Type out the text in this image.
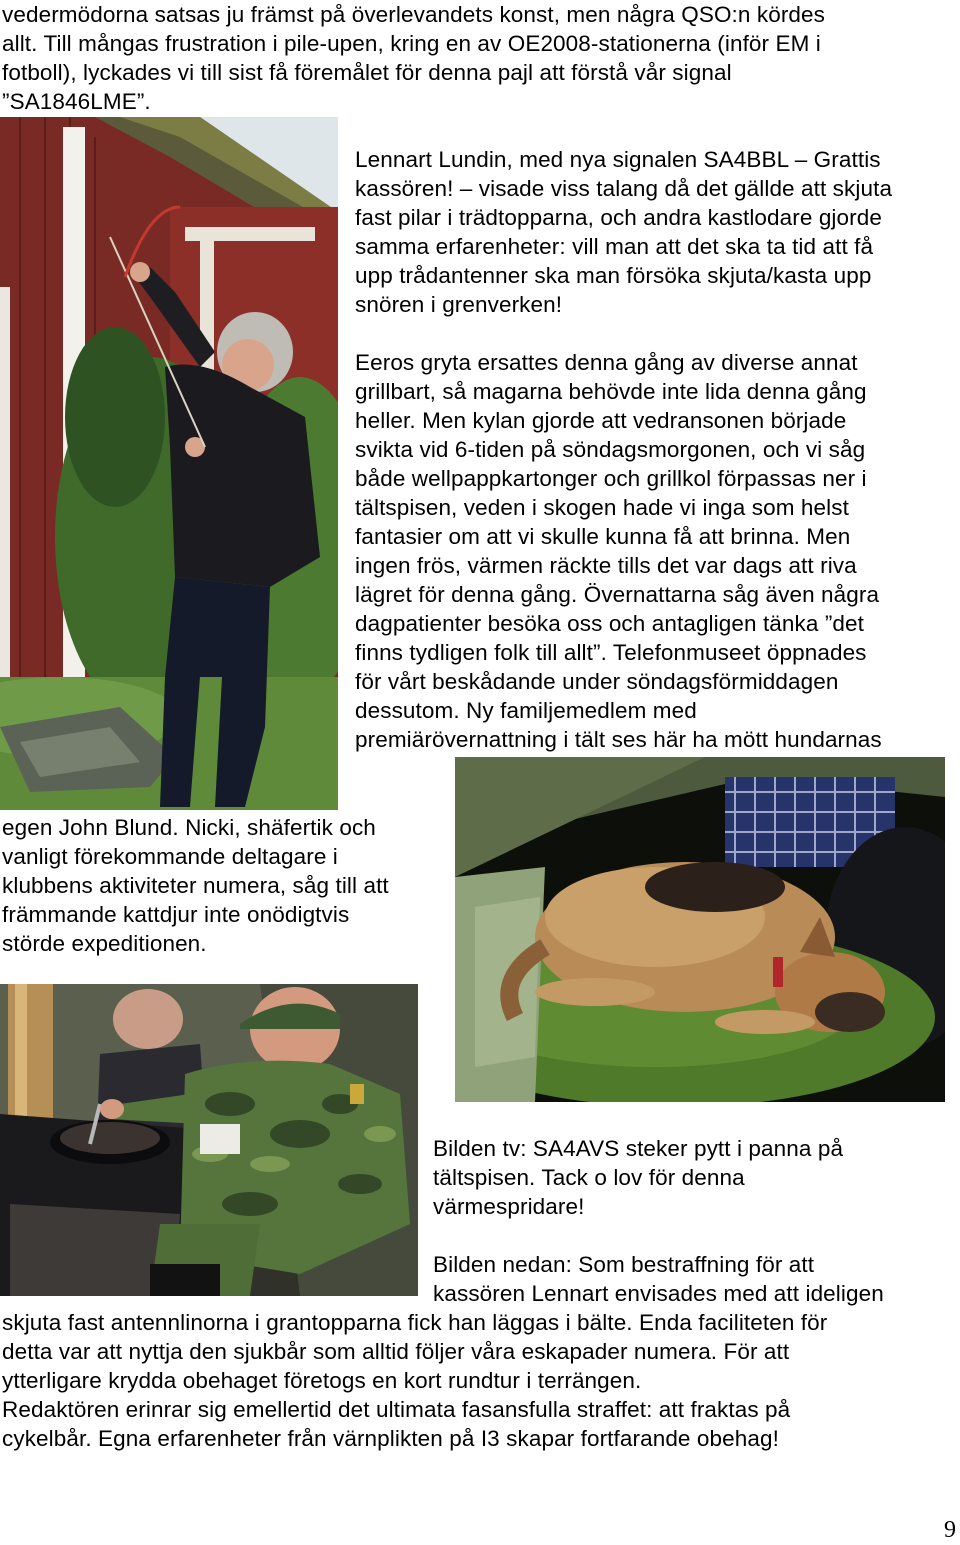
vedermödorna satsas ju främst på överlevandets konst, men några QSO:n kördes
allt. Till mångas frustration i pile-upen, kring en av OE2008-stationerna (inför EM i
fotboll), lyckades vi till sist få föremålet för denna pajl att förstå vår signal
”SA1846LME”.
Lennart Lundin, med nya signalen SA4BBL – Grattis
kassören! – visade viss talang då det gällde att skjuta
fast pilar i trädtopparna, och andra kastlodare gjorde
samma erfarenheter: vill man att det ska ta tid att få
upp trådantenner ska man försöka skjuta/kasta upp
snören i grenverken!
Eeros gryta ersattes denna gång av diverse annat
grillbart, så magarna behövde inte lida denna gång
heller. Men kylan gjorde att vedransonen började
svikta vid 6-tiden på söndagsmorgonen, och vi såg
både wellpappkartonger och grillkol förpassas ner i
tältspisen, veden i skogen hade vi inga som helst
fantasier om att vi skulle kunna få att brinna. Men
ingen frös, värmen räckte tills det var dags att riva
lägret för denna gång. Övernattarna såg även några
dagpatienter besöka oss och antagligen tänka ”det
finns tydligen folk till allt”. Telefonmuseet öppnades
för vårt beskådande under söndagsförmiddagen
dessutom. Ny familjemedlem med
premiärövernattning i tält ses här ha mött hundarnas
egen John Blund. Nicki, shäfertik och
vanligt förekommande deltagare i
klubbens aktiviteter numera, såg till att
främmande kattdjur inte onödigtvis
störde expeditionen.
Bilden tv: SA4AVS steker pytt i panna på
tältspisen. Tack o lov för denna
värmespridare!
Bilden nedan: Som bestraffning för att
kassören Lennart envisades med att ideligen
skjuta fast antennlinorna i grantopparna fick han läggas i bälte. Enda faciliteten för
detta var att nyttja den sjukbår som alltid följer våra eskapader numera. För att
ytterligare krydda obehaget företogs en kort rundtur i terrängen.
Redaktören erinrar sig emellertid det ultimata fasansfulla straffet: att fraktas på
cykelbår. Egna erfarenheter från värnplikten på I3 skapar fortfarande obehag!
9
